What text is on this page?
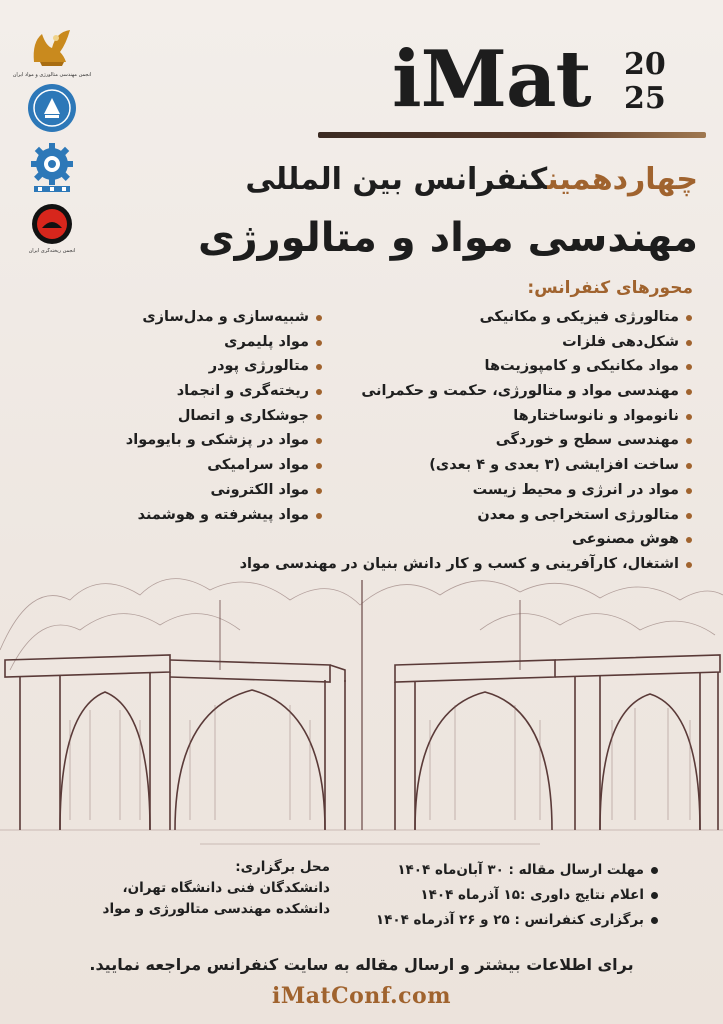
انجمن مهندسی متالورژی و مواد ایران
انجمن ریخته‌گری ایران
iMat 20
25
چهاردهمینکنفرانس بین المللی
مهندسی مواد و متالورژی
محورهای کنفرانس:
متالورژی فیزیکی و مکانیکی
شکل‌دهی فلزات
مواد مکانیکی و کامپوزیت‌ها
مهندسی مواد و متالورژی، حکمت و حکمرانی
نانومواد و نانوساختارها
مهندسی سطح و خوردگی
ساخت افزایشی (۳ بعدی و ۴ بعدی)
مواد در انرژی و محیط زیست
متالورژی استخراجی و معدن
هوش مصنوعی
اشتغال، کارآفرینی و کسب و کار دانش بنیان در مهندسی مواد
شبیه‌سازی و مدل‌سازی
مواد پلیمری
متالورژی پودر
ریخته‌گری و انجماد
جوشکاری و اتصال
مواد در پزشکی و بایومواد
مواد سرامیکی
مواد الکترونی
مواد پیشرفته و هوشمند
مهلت ارسال مقاله : ۳۰ آبان‌ماه ۱۴۰۴
اعلام نتایج داوری :۱۵ آذرماه ۱۴۰۴
برگزاری کنفرانس : ۲۵ و ۲۶ آذرماه ۱۴۰۴
محل برگزاری:
دانشکدگان فنی دانشگاه تهران،
دانشکده مهندسی متالورژی و مواد
برای اطلاعات بیشتر و ارسال مقاله به سایت کنفرانس مراجعه نمایید.
iMatConf.com
